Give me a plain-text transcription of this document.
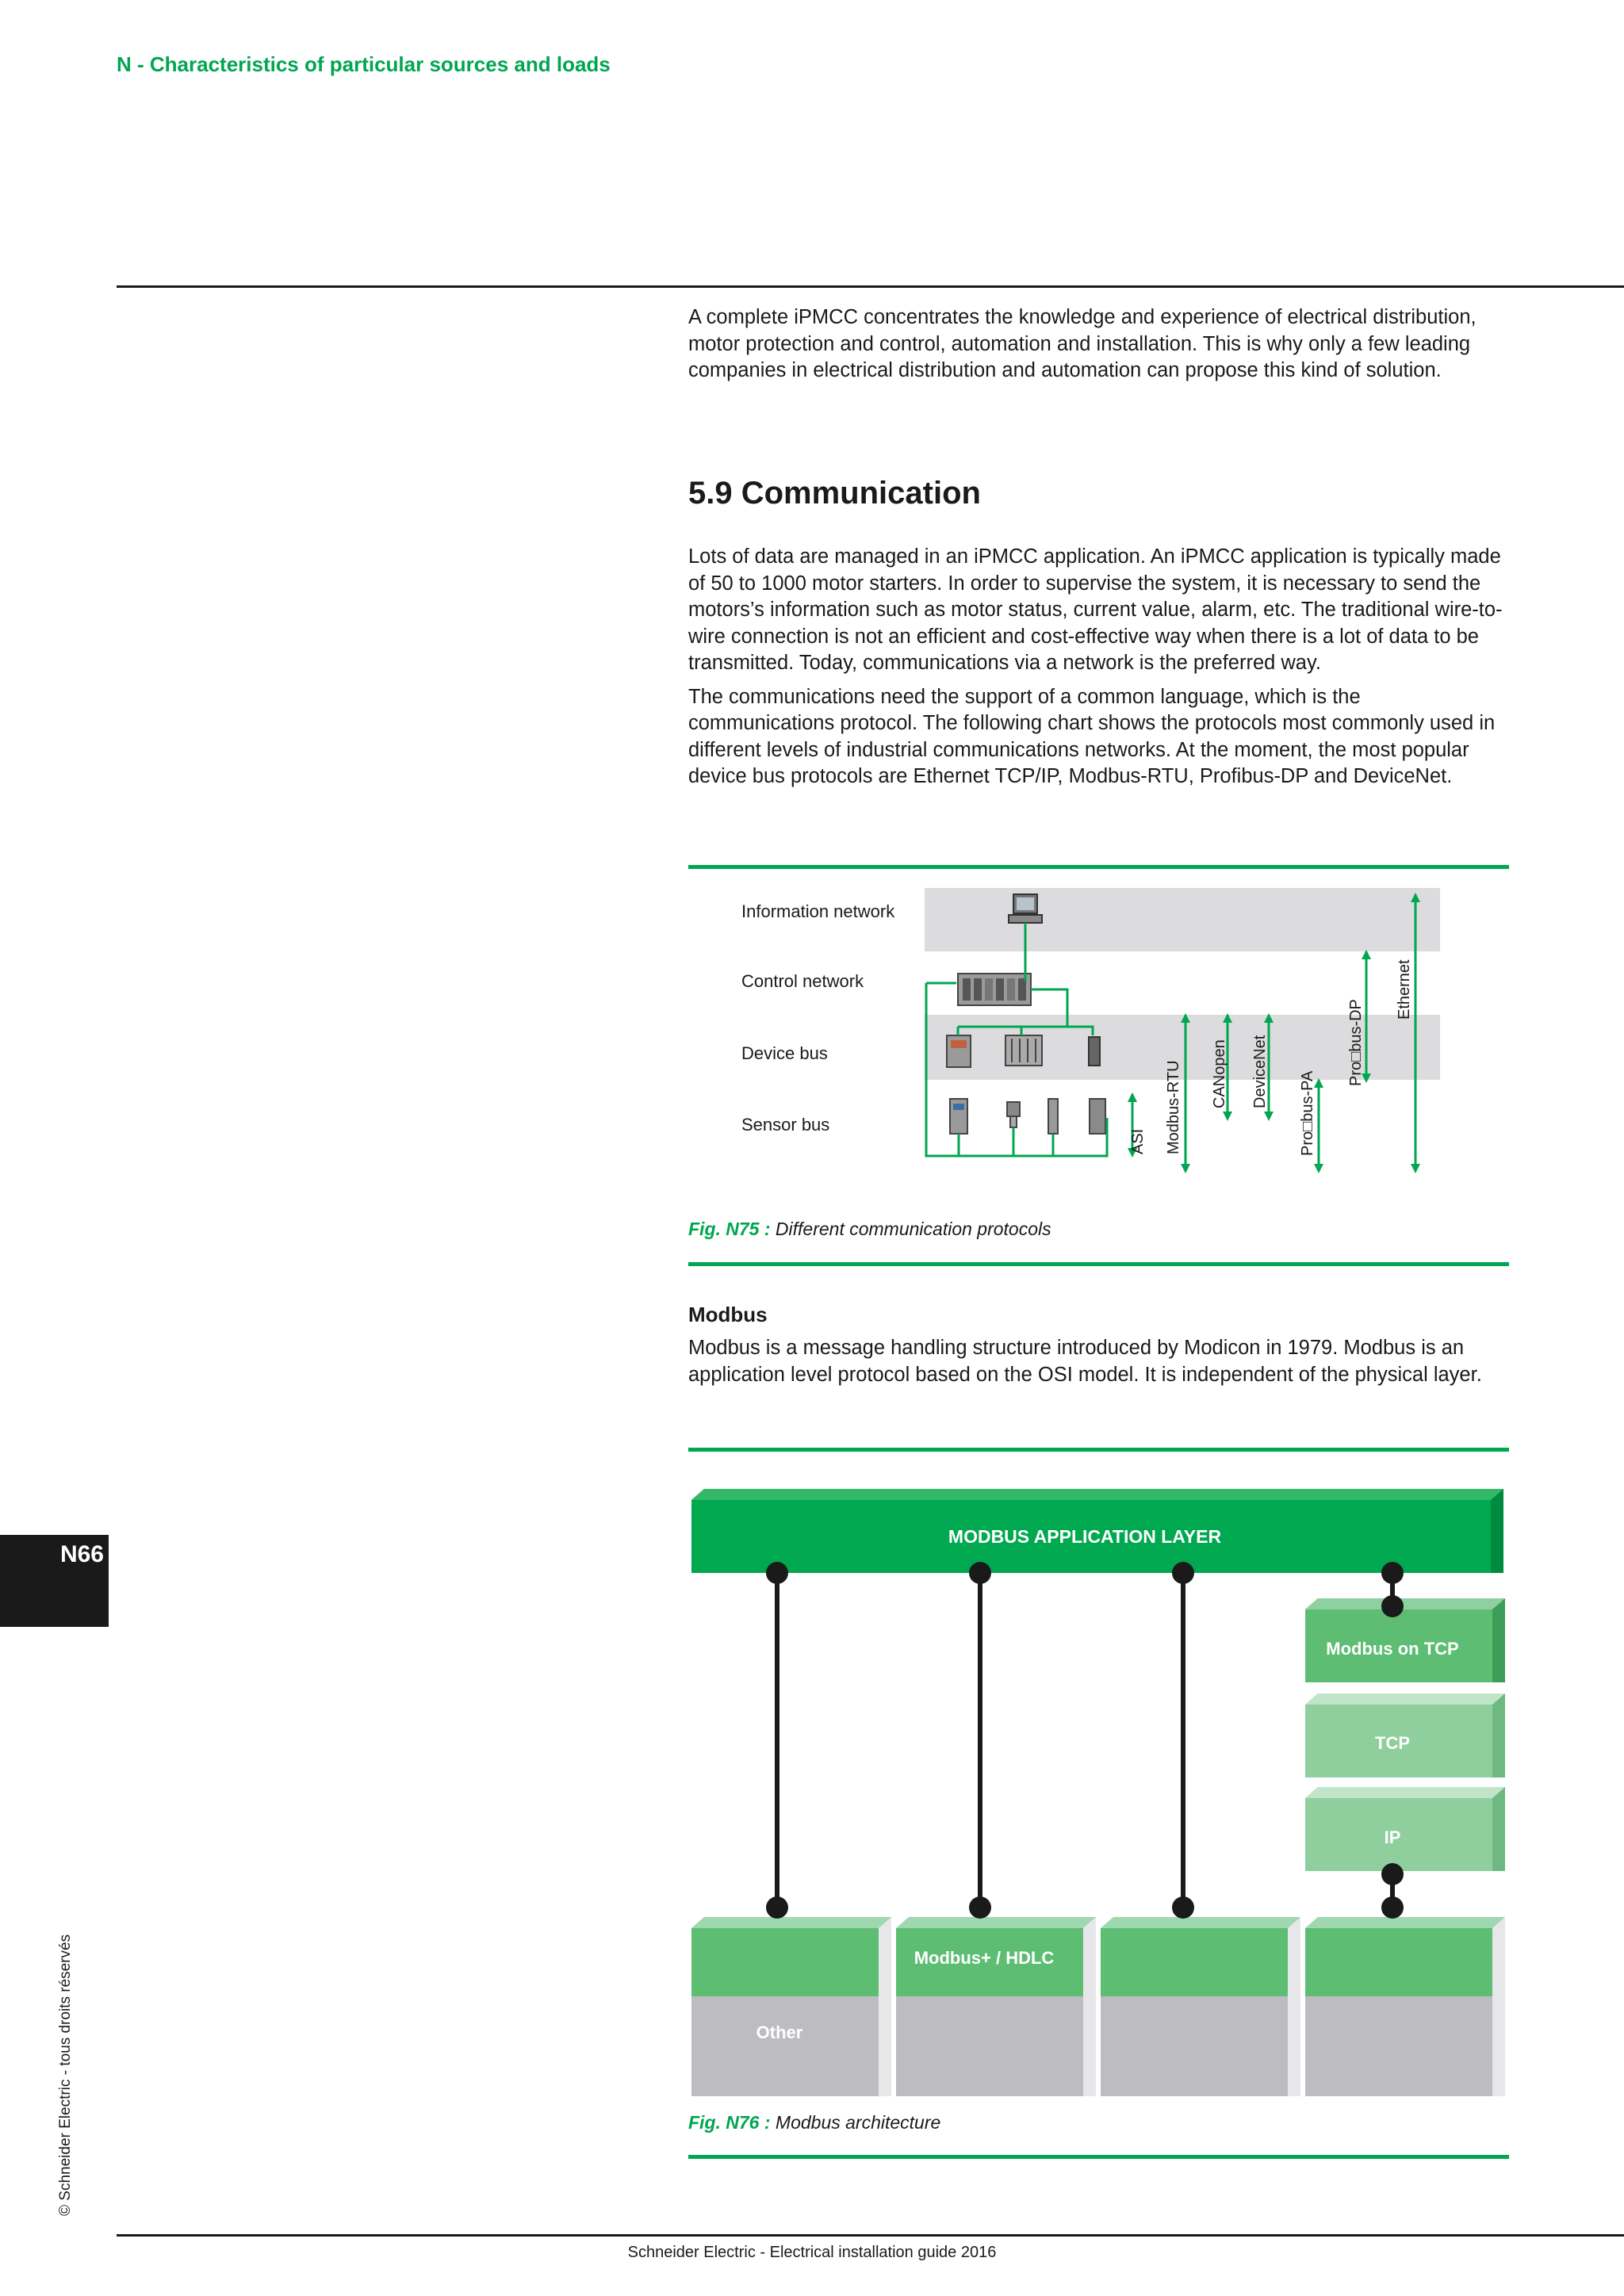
N - Characteristics of particular sources and loads
N66
© Schneider Electric - tous droits réservés

A complete iPMCC concentrates the knowledge and experience of electrical distribution, motor protection and control, automation and installation. This is why only a few leading companies in electrical distribution and automation can propose this kind of solution.

5.9 Communication

Lots of data are managed in an iPMCC application. An iPMCC application is typically made of 50 to 1000 motor starters. In order to supervise the system, it is necessary to send the motors’s information such as motor status, current value, alarm, etc. The traditional wire-to-wire connection is not an efficient and cost-effective way when there is a lot of data to be transmitted. Today, communications via a network is the preferred way.

The communications need the support of a common language, which is the communications protocol. The following chart shows the protocols most commonly used in different levels of industrial communications networks. At the moment, the most popular device bus protocols are Ethernet TCP/IP, Modbus-RTU, Profibus-DP and DeviceNet.

Information network
Control network
Device bus
Sensor bus
ASI Modbus-RTU CANopen DeviceNet Pro□bus-PA
Pro□bus-DP
Ethernet
Fig. N75 : Different communication protocols
Modbus

Modbus is a message handling structure introduced by Modicon in 1979. Modbus is an application level protocol based on the OSI model. It is independent of the physical layer.

MODBUS APPLICATION LAYER
Modbus on TCP
TCP
IP
Other
Modbus+ / HDLC
Fig. N76 : Modbus architecture
Schneider Electric - Electrical installation guide 2016
